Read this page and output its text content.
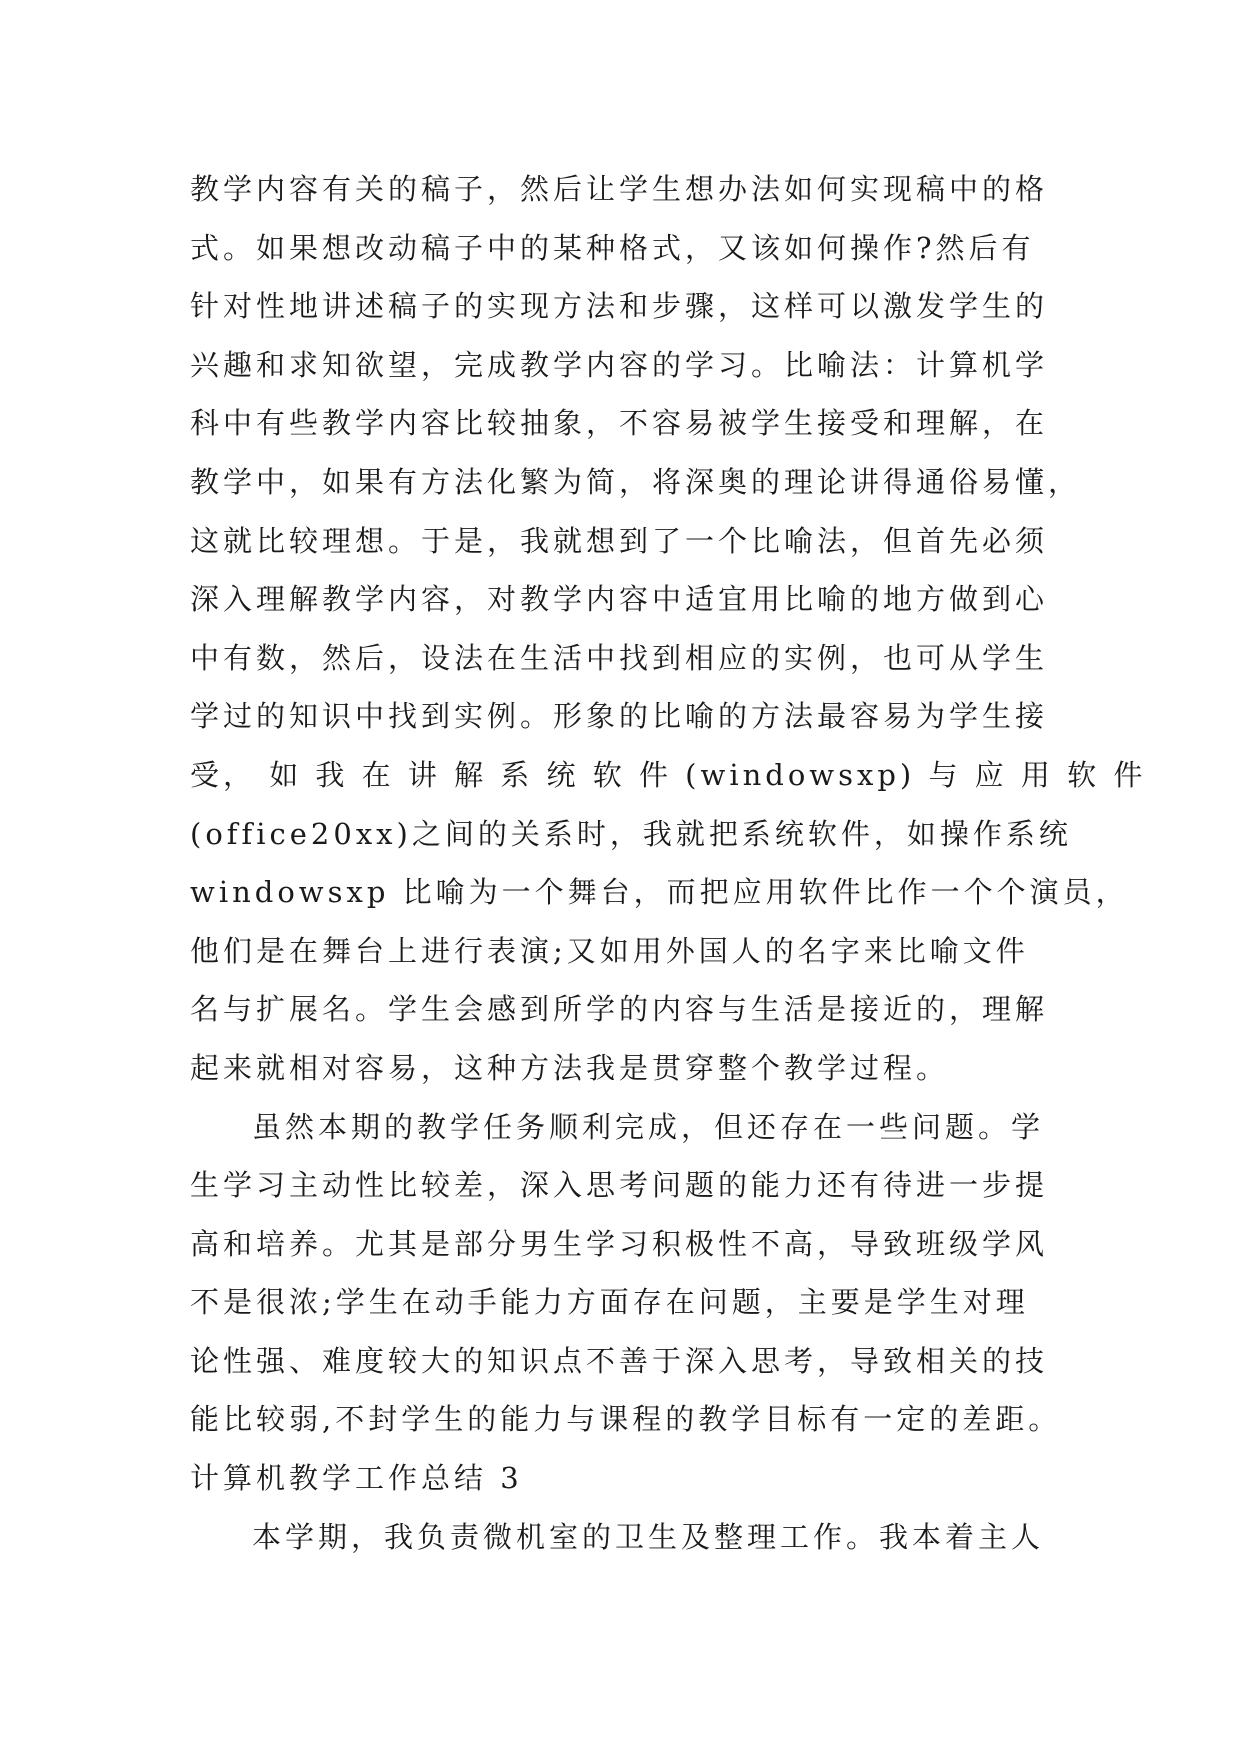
教学内容有关的稿子，然后让学生想办法如何实现稿中的格
式。如果想改动稿子中的某种格式，又该如何操作?然后有
针对性地讲述稿子的实现方法和步骤，这样可以激发学生的
兴趣和求知欲望，完成教学内容的学习。比喻法：计算机学
科中有些教学内容比较抽象，不容易被学生接受和理解，在
教学中，如果有方法化繁为简，将深奥的理论讲得通俗易懂，
这就比较理想。于是，我就想到了一个比喻法，但首先必须
深入理解教学内容，对教学内容中适宜用比喻的地方做到心
中有数，然后，设法在生活中找到相应的实例，也可从学生
学过的知识中找到实例。形象的比喻的方法最容易为学生接
受， 如 我 在 讲 解 系 统 软 件 (windowsxp) 与 应 用 软 件
(office20xx)之间的关系时，我就把系统软件，如操作系统
windowsxp 比喻为一个舞台，而把应用软件比作一个个演员，
他们是在舞台上进行表演;又如用外国人的名字来比喻文件
名与扩展名。学生会感到所学的内容与生活是接近的，理解
起来就相对容易，这种方法我是贯穿整个教学过程。
虽然本期的教学任务顺利完成，但还存在一些问题。学
生学习主动性比较差，深入思考问题的能力还有待进一步提
高和培养。尤其是部分男生学习积极性不高，导致班级学风
不是很浓;学生在动手能力方面存在问题，主要是学生对理
论性强、难度较大的知识点不善于深入思考，导致相关的技
能比较弱,不封学生的能力与课程的教学目标有一定的差距。
计算机教学工作总结 3
本学期，我负责微机室的卫生及整理工作。我本着主人
